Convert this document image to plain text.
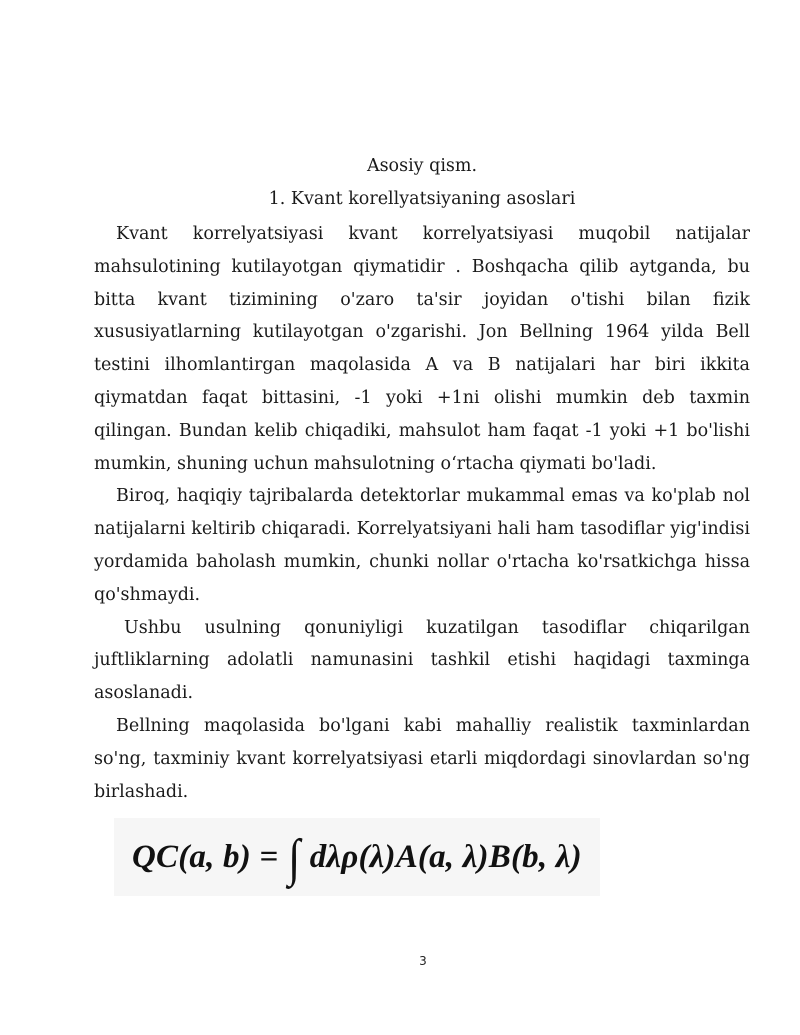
Asosiy qism.
1. Kvant korellyatsiyaning asoslari

Kvant korrelyatsiyasi kvant korrelyatsiyasi muqobil natijalar mahsulotining kutilayotgan qiymatidir . Boshqacha qilib aytganda, bu bitta kvant tizimining o'zaro ta'sir joyidan o'tishi bilan fizik xususiyatlarning kutilayotgan o'zgarishi. Jon Bellning 1964 yilda Bell testini ilhomlantirgan maqolasida A va B natijalari har biri ikkita qiymatdan faqat bittasini, -1 yoki +1ni olishi mumkin deb taxmin qilingan. Bundan kelib chiqadiki, mahsulot ham faqat -1 yoki +1 bo'lishi mumkin, shuning uchun mahsulotning o‘rtacha qiymati bo'ladi.

Biroq, haqiqiy tajribalarda detektorlar mukammal emas va ko'plab nol natijalarni keltirib chiqaradi. Korrelyatsiyani hali ham tasodiflar yig'indisi yordamida baholash mumkin, chunki nollar o'rtacha ko'rsatkichga hissa qo'shmaydi.

Ushbu usulning qonuniyligi kuzatilgan tasodiflar chiqarilgan juftliklarning adolatli namunasini tashkil etishi haqidagi taxminga asoslanadi.

Bellning maqolasida bo'lgani kabi mahalliy realistik taxminlardan so'ng, taxminiy kvant korrelyatsiyasi etarli miqdordagi sinovlardan so'ng birlashadi.

QC(a, b) = ∫ dλρ(λ)A(a, λ)B(b, λ)
3
